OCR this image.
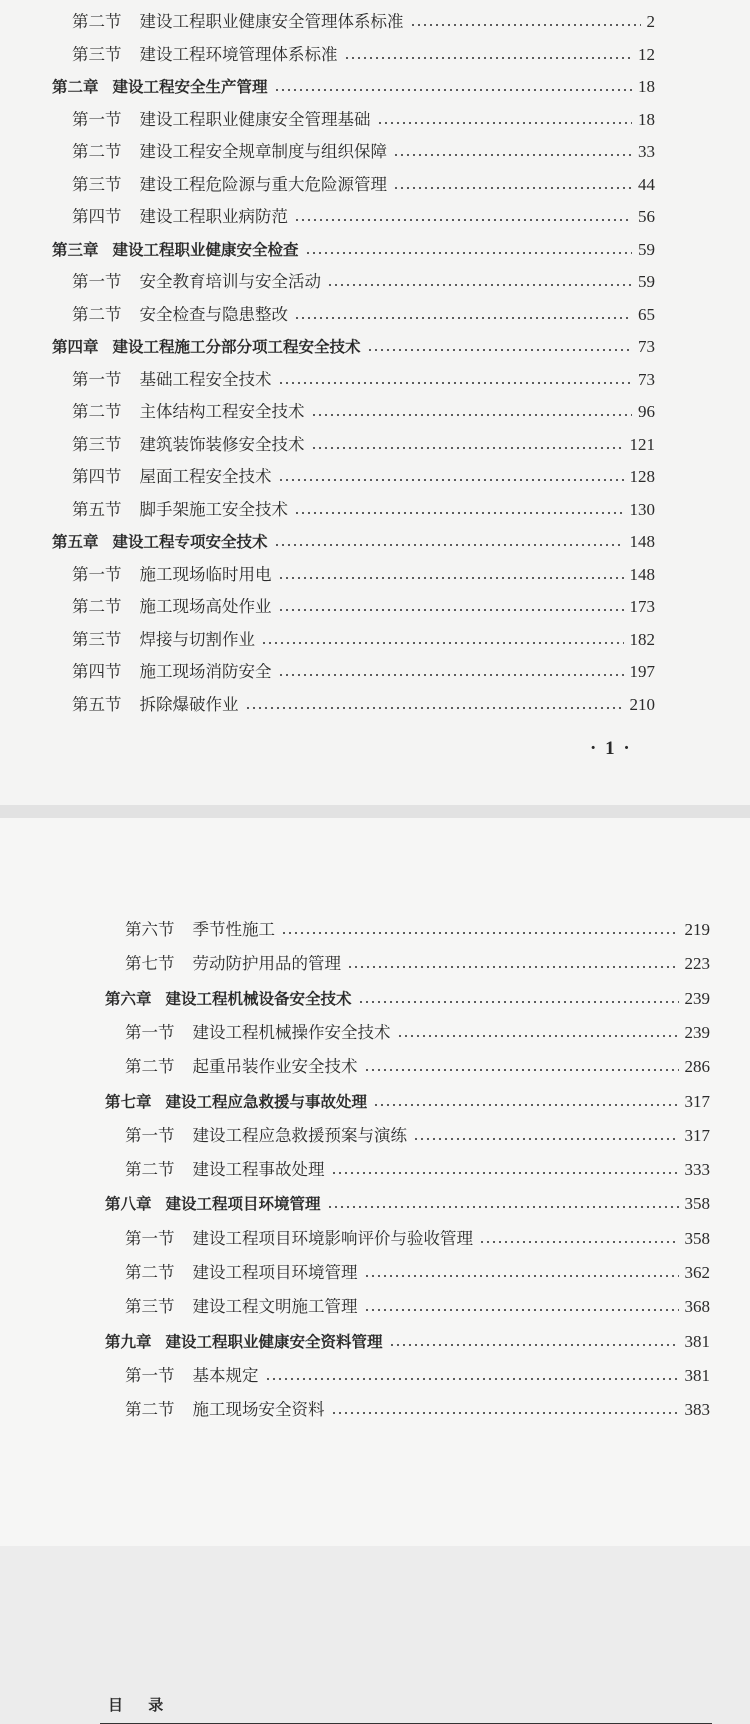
· 1 ·
第二节 建设工程职业健康安全管理体系标准	2
第三节 建设工程环境管理体系标准	12
第二章 建设工程安全生产管理	18
第一节 建设工程职业健康安全管理基础	18
第二节 建设工程安全规章制度与组织保障	33
第三节 建设工程危险源与重大危险源管理	44
第四节 建设工程职业病防范	56
第三章 建设工程职业健康安全检查	59
第一节 安全教育培训与安全活动	59
第二节 安全检查与隐患整改	65
第四章 建设工程施工分部分项工程安全技术	73
第一节 基础工程安全技术	73
第二节 主体结构工程安全技术	96
第三节 建筑装饰装修安全技术	121
第四节 屋面工程安全技术	128
第五节 脚手架施工安全技术	130
第五章 建设工程专项安全技术	148
第一节 施工现场临时用电	148
第二节 施工现场高处作业	173
第三节 焊接与切割作业	182
第四节 施工现场消防安全	197
第五节 拆除爆破作业	210
目 录
第六节 季节性施工	219
第七节 劳动防护用品的管理	223
第六章 建设工程机械设备安全技术	239
第一节 建设工程机械操作安全技术	239
第二节 起重吊装作业安全技术	286
第七章 建设工程应急救援与事故处理	317
第一节 建设工程应急救援预案与演练	317
第二节 建设工程事故处理	333
第八章 建设工程项目环境管理	358
第一节 建设工程项目环境影响评价与验收管理	358
第二节 建设工程项目环境管理	362
第三节 建设工程文明施工管理	368
第九章 建设工程职业健康安全资料管理	381
第一节 基本规定	381
第二节 施工现场安全资料	383
